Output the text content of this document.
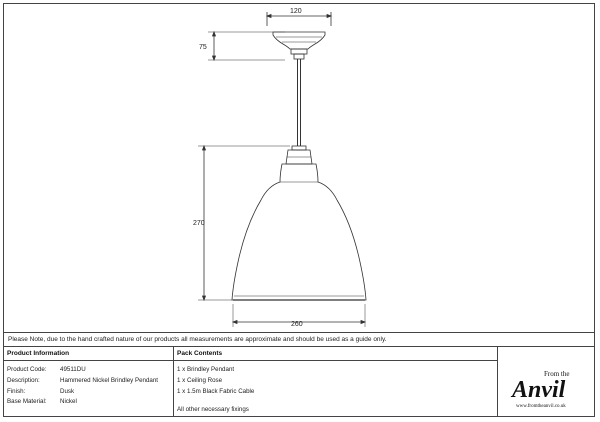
120
75
270
260
Please Note, due to the hand crafted nature of our products all measurements are approximate and should be used as a guide only.
Product Information	Pack Contents
Product Code: 49511DU
Description:	Hammered Nickel Brindley Pendant
Finish:	Dusk
Base Material: Nickel
1 x Brindley Pendant
1 x Ceiling Rose
1 x 1.5m Black Fabric Cable
All other necessary fixings
From the
Anvil
www.fromtheanvil.co.uk
